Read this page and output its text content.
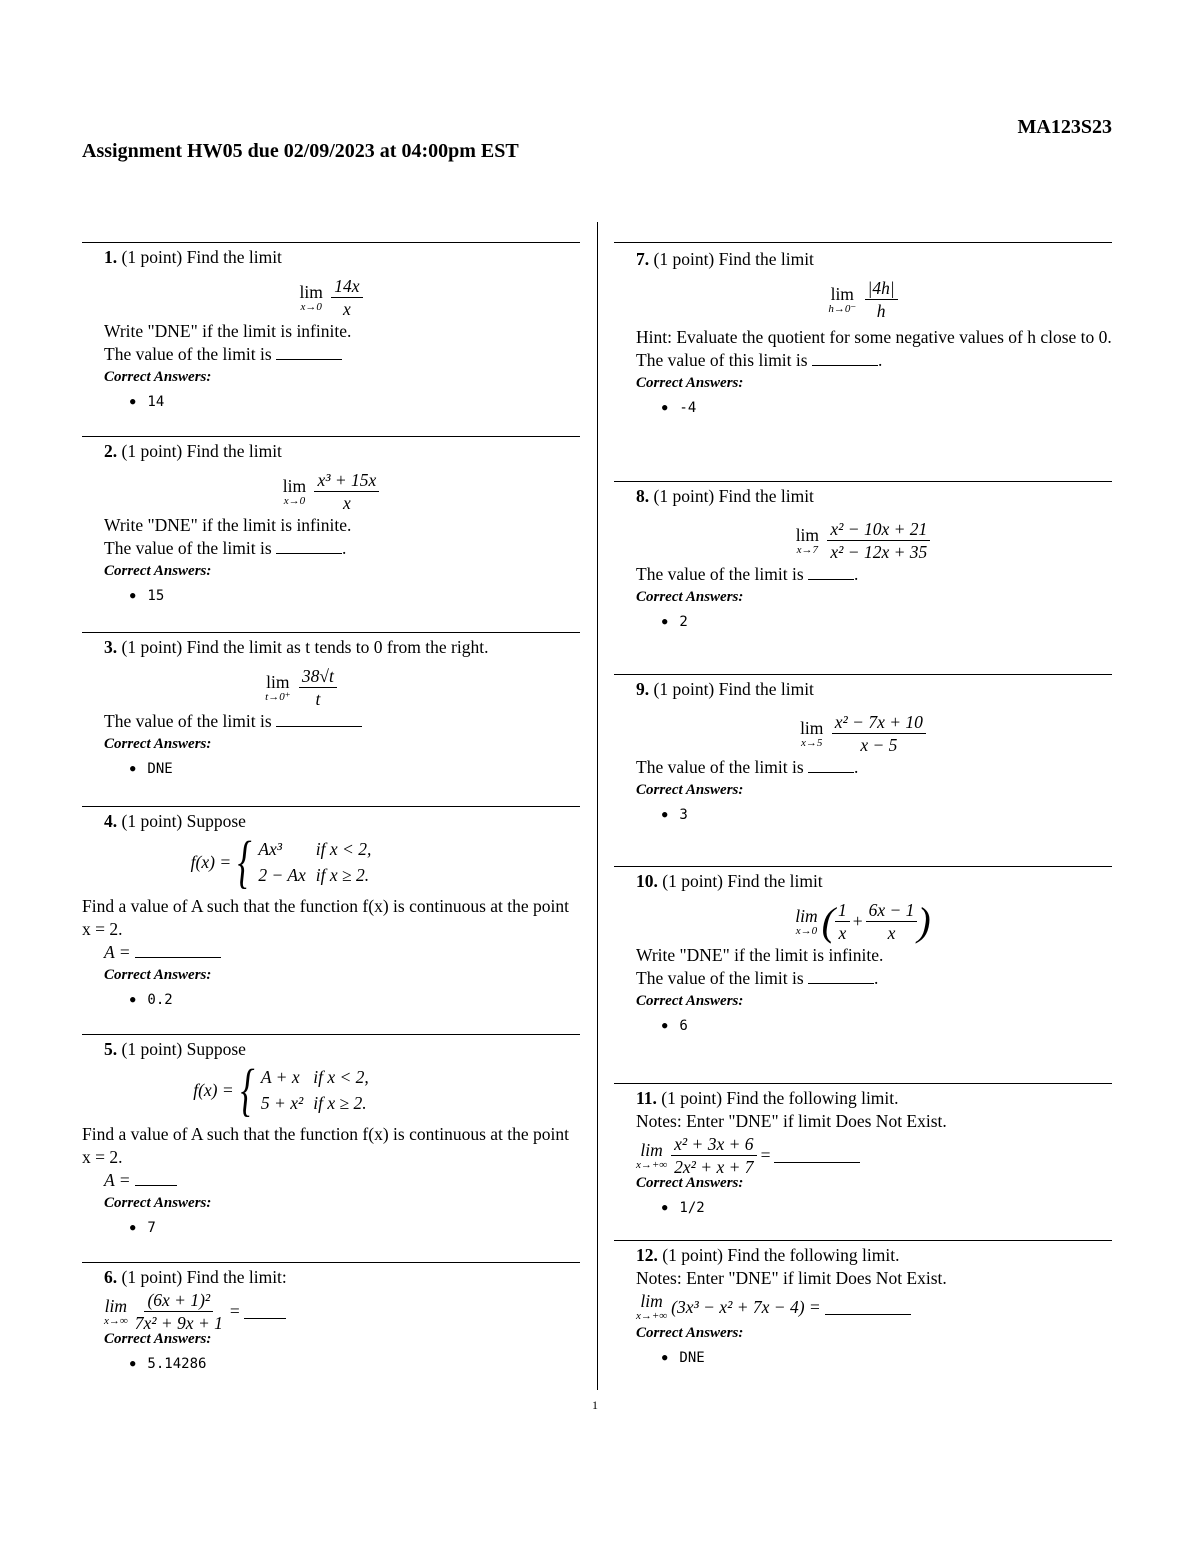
MA123S23
Assignment HW05 due 02/09/2023 at 04:00pm EST
1. (1 point) Find the limit
lim
x→0
$\frac{14x}{x}$
Write "DNE" if the limit is infinite.
The value of the limit is
Correct Answers:
● 14
2. (1 point) Find the limit
lim
x→0
$\frac{\text{x³ + 15x}}{x}$
Write "DNE" if the limit is infinite.
The value of the limit is	.
Correct Answers:
● 15
3. (1 point) Find the limit as t tends to 0 from the right.
lim
t→0⁺
$\frac{38√t}{t}$
The value of the limit is
Correct Answers:
● DNE
4. (1 point) Suppose
f(x) = { Ax³	if x < 2,
2 − Ax	if x ≥ 2.
Find a value of A such that the function f(x) is continuous at the point x = 2.
A =
Correct Answers:
● 0.2
5. (1 point) Suppose
f(x) = { A + x	if x < 2,
5 + x²	if x ≥ 2.
Find a value of A such that the function f(x) is continuous at the point x = 2.
A =
Correct Answers:
● 7
6. (1 point) Find the limit:
lim
$x\to\infty \frac{\text{(6x + 1)²}}{\text{7x² + 9x + 1}}$ =
Correct Answers:
● 5.14286
7. (1 point) Find the limit
lim
h→0⁻
$\frac{|4h|}{h}$
Hint: Evaluate the quotient for some negative values of h close to 0.
The value of this limit is	.
Correct Answers:
● -4
8. (1 point) Find the limit
lim
x→7
$\frac{\text{x² − 10x + 21}}{\text{x² − 12x + 35}}$
The value of the limit is	.
Correct Answers:
● 2
9. (1 point) Find the limit
lim
x→5
$\frac{\text{x² − 7x + 10}}{x - 5}$
The value of the limit is	.
Correct Answers:
● 3
10. (1 point) Find the limit
lim
x→0 ( $\frac{1}{x} + \frac{6x - 1}{x}$ )
Write "DNE" if the limit is infinite.
The value of the limit is	.
Correct Answers:
● 6
11. (1 point) Find the following limit.
Notes: Enter "DNE" if limit Does Not Exist.
lim
$x\to+\infty \frac{\text{x² + 3x + 6}}{\text{2x² + x + 7}}$ =
Correct Answers:
● 1/2
12. (1 point) Find the following limit.
Notes: Enter "DNE" if limit Does Not Exist.
lim
x→+∞ (3x³ − x² + 7x − 4) =
Correct Answers:
● DNE
1
